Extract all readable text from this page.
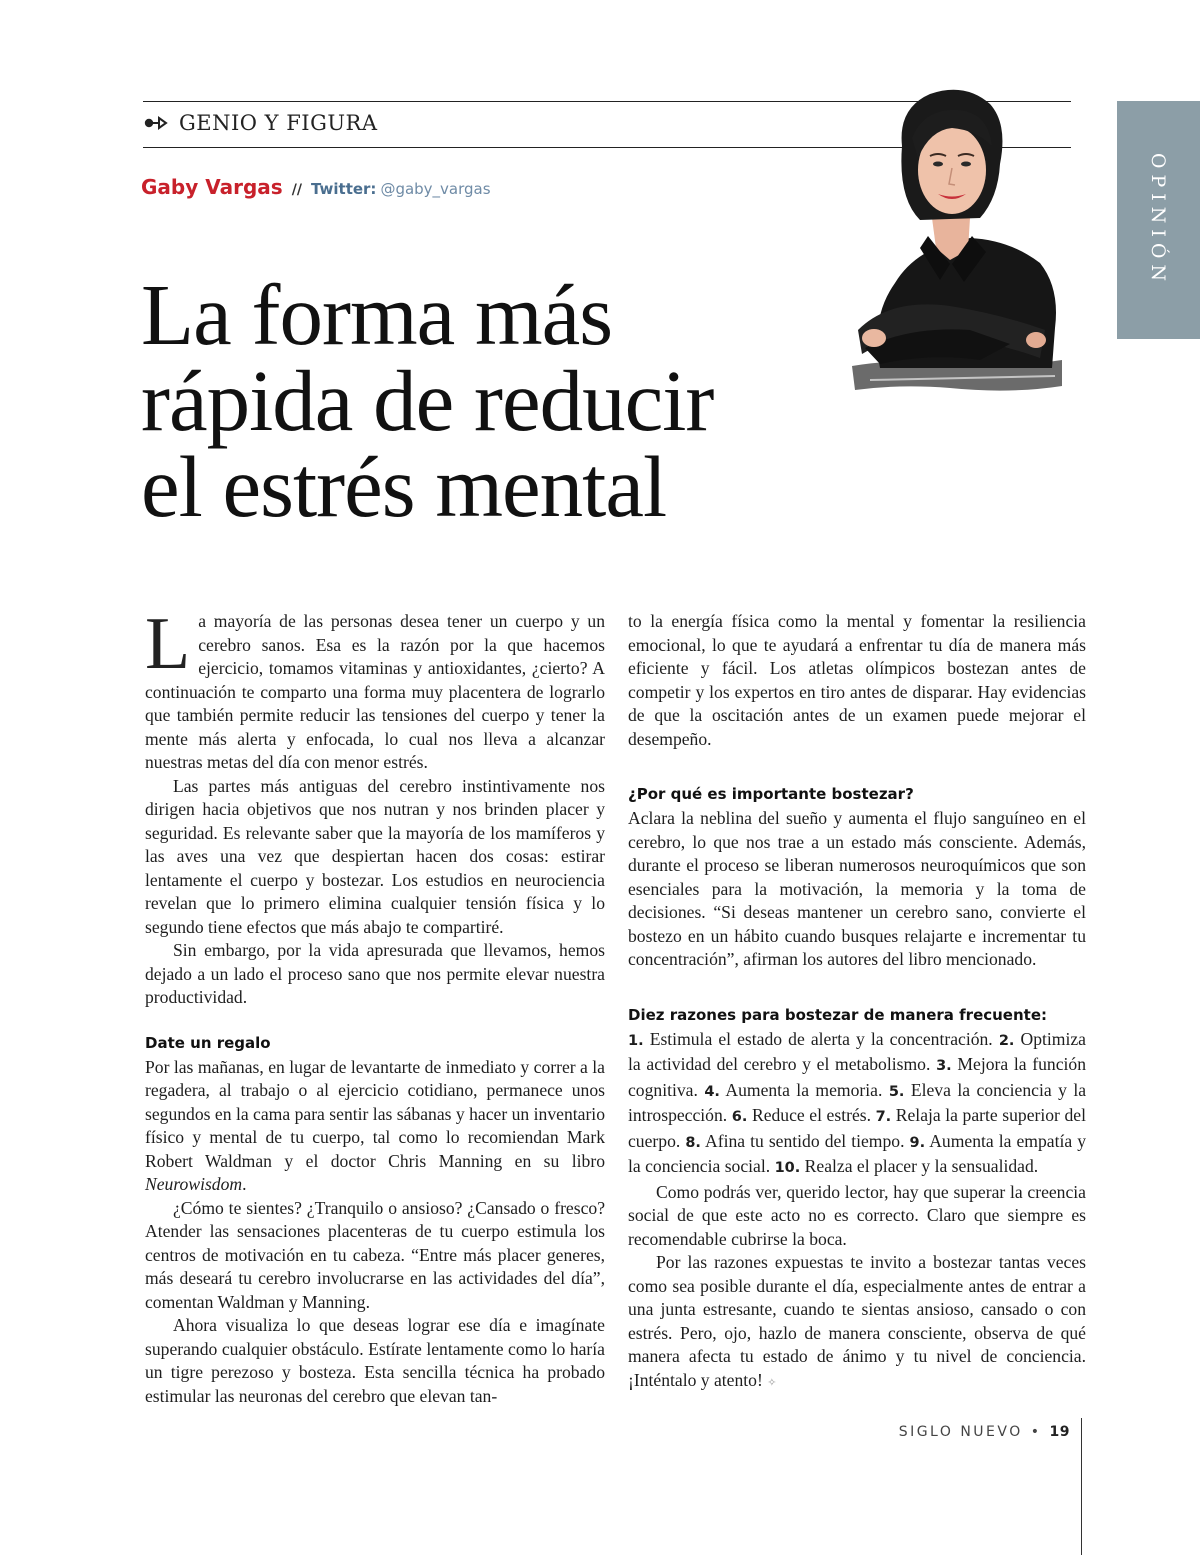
GENIO Y FIGURA
Gaby Vargas // Twitter: @gaby_vargas	OPINIÓN
La forma más
rápida de reducir
el estrés mental

La mayoría de las personas desea tener un cuerpo y un cerebro sanos. Esa es la razón por la que hacemos ejercicio, tomamos vitaminas y antioxidantes, ¿cierto? A continuación te comparto una forma muy placentera de lograrlo que también permite reducir las tensiones del cuerpo y tener la mente más alerta y enfocada, lo cual nos lleva a alcanzar nuestras metas del día con menor estrés.

Las partes más antiguas del cerebro instintivamente nos dirigen hacia objetivos que nos nutran y nos brinden placer y seguridad. Es relevante saber que la mayoría de los mamíferos y las aves una vez que despiertan hacen dos cosas: estirar lentamente el cuerpo y bostezar. Los estudios en neurociencia revelan que lo primero elimina cualquier tensión física y lo segundo tiene efectos que más abajo te compartiré.

Sin embargo, por la vida apresurada que llevamos, hemos dejado a un lado el proceso sano que nos permite elevar nuestra productividad.

Date un regalo

Por las mañanas, en lugar de levantarte de inmediato y correr a la regadera, al trabajo o al ejercicio cotidiano, permanece unos segundos en la cama para sentir las sábanas y hacer un inventario físico y mental de tu cuerpo, tal como lo recomiendan Mark Robert Waldman y el doctor Chris Manning en su libro Neurowisdom.

¿Cómo te sientes? ¿Tranquilo o ansioso? ¿Cansado o fresco? Atender las sensaciones placenteras de tu cuerpo estimula los centros de motivación en tu cabeza. “Entre más placer generes, más deseará tu cerebro involucrarse en las actividades del día”, comentan Waldman y Manning.

Ahora visualiza lo que deseas lograr ese día e imagínate superando cualquier obstáculo. Estírate lentamente como lo haría un tigre perezoso y bosteza. Esta sencilla técnica ha probado estimular las neuronas del cerebro que elevan tan-

to la energía física como la mental y fomentar la resiliencia emocional, lo que te ayudará a enfrentar tu día de manera más eficiente y fácil. Los atletas olímpicos bostezan antes de competir y los expertos en tiro antes de disparar. Hay evidencias de que la oscitación antes de un examen puede mejorar el desempeño.

¿Por qué es importante bostezar?

Aclara la neblina del sueño y aumenta el flujo sanguíneo en el cerebro, lo que nos trae a un estado más consciente. Además, durante el proceso se liberan numerosos neuroquímicos que son esenciales para la motivación, la memoria y la toma de decisiones. “Si deseas mantener un cerebro sano, convierte el bostezo en un hábito cuando busques relajarte e incrementar tu concentración”, afirman los autores del libro mencionado.

Diez razones para bostezar de manera frecuente:

1. Estimula el estado de alerta y la concentración. 2. Optimiza la actividad del cerebro y el metabolismo. 3. Mejora la función cognitiva. 4. Aumenta la memoria. 5. Eleva la conciencia y la introspección. 6. Reduce el estrés. 7. Relaja la parte superior del cuerpo. 8. Afina tu sentido del tiempo. 9. Aumenta la empatía y la conciencia social. 10. Realza el placer y la sensualidad.

Como podrás ver, querido lector, hay que superar la creencia social de que este acto no es correcto. Claro que siempre es recomendable cubrirse la boca.

Por las razones expuestas te invito a bostezar tantas veces como sea posible durante el día, especialmente antes de entrar a una junta estresante, cuando te sientas ansioso, cansado o con estrés. Pero, ojo, hazlo de manera consciente, observa de qué manera afecta tu estado de ánimo y tu nivel de conciencia. ¡Inténtalo y atento! ✧

SIGLO NUEVO • 19
